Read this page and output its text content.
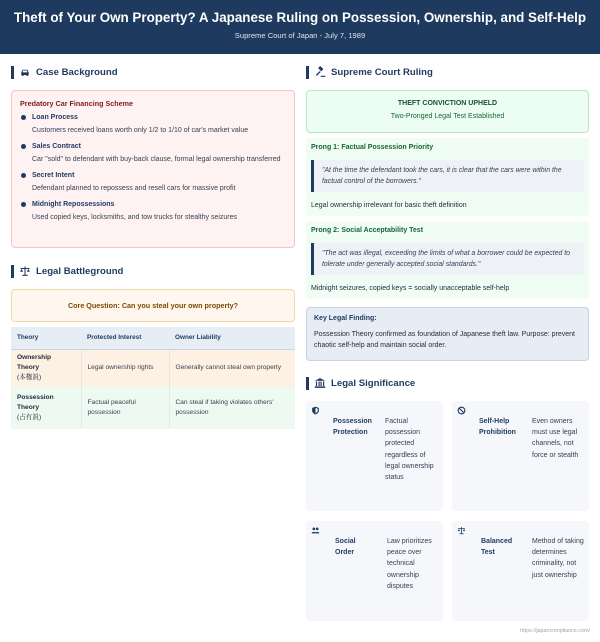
Theft of Your Own Property? A Japanese Ruling on Possession, Ownership, and Self-Help
Supreme Court of Japan - July 7, 1989
Case Background
Predatory Car Financing Scheme
Loan Process
Customers received loans worth only 1/2 to 1/10 of car's market value
Sales Contract
Car "sold" to defendant with buy-back clause, formal legal ownership transferred
Secret Intent
Defendant planned to repossess and resell cars for massive profit
Midnight Repossessions
Used copied keys, locksmiths, and tow trucks for stealthy seizures
Legal Battleground
Core Question: Can you steal your own property?
Theory	Protected Interest	Owner Liability
Ownership Theory
(本権説)	Legal ownership rights	Generally cannot steal own property
Possession Theory
(占有説)	Factual peaceful possession	Can steal if taking violates others' possession
Supreme Court Ruling
THEFT CONVICTION UPHELD
Two-Pronged Legal Test Established
Prong 1: Factual Possession Priority
"At the time the defendant took the cars, it is clear that the cars were within the factual control of the borrowers."
Legal ownership irrelevant for basic theft definition
Prong 2: Social Acceptability Test
"The act was illegal, exceeding the limits of what a borrower could be expected to tolerate under generally accepted social standards."
Midnight seizures, copied keys = socially unacceptable self-help
Key Legal Finding:
Possession Theory confirmed as foundation of Japanese theft law. Purpose: prevent chaotic self-help and maintain social order.
Legal Significance
Possession Protection
Factual possession protected regardless of legal ownership status
Self-Help Prohibition
Even owners must use legal channels, not force or stealth
Social Order
Law prioritizes peace over technical ownership disputes
Balanced Test
Method of taking determines criminality, not just ownership
https://japancompliance.com/
